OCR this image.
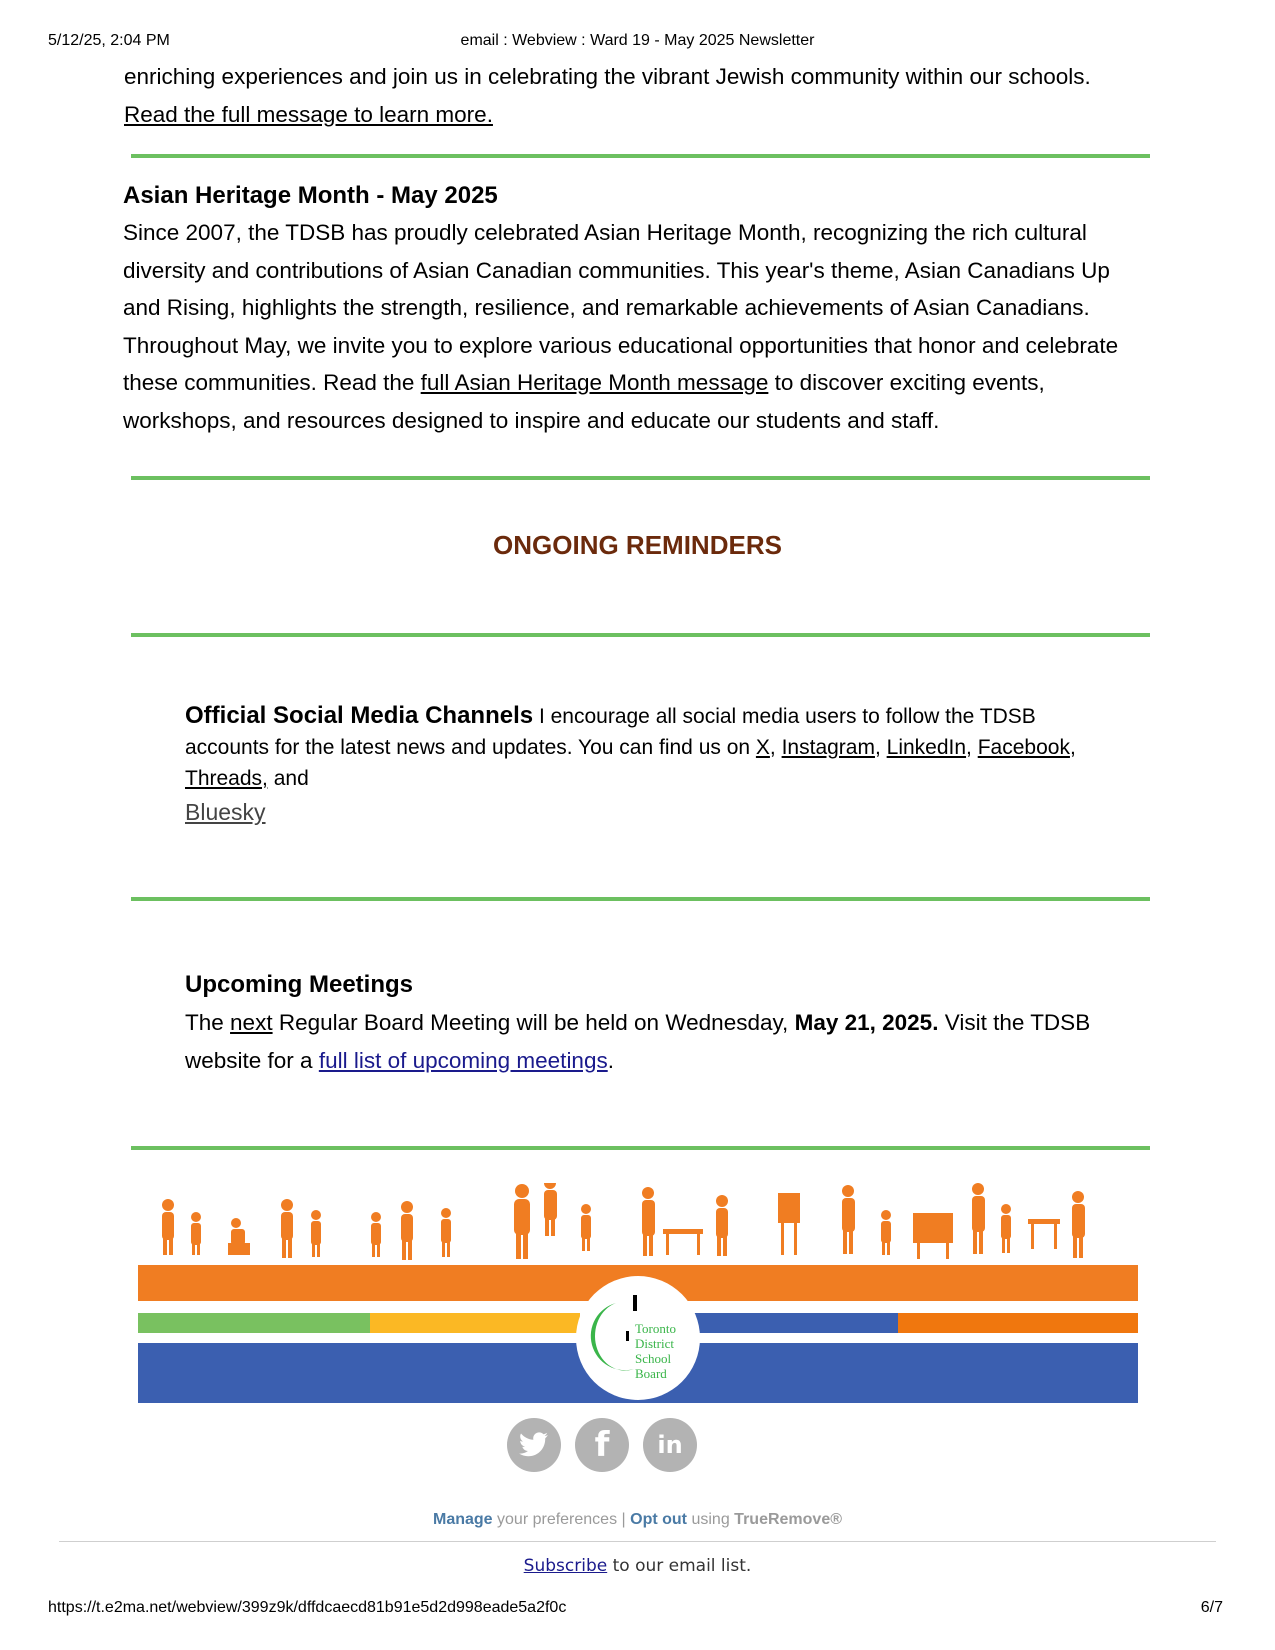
5/12/25, 2:04 PM	email : Webview : Ward 19 - May 2025 Newsletter
enriching experiences and join us in celebrating the vibrant Jewish community within our schools.
Read the full message to learn more.
Asian Heritage Month - May 2025
Since 2007, the TDSB has proudly celebrated Asian Heritage Month, recognizing the rich cultural diversity and contributions of Asian Canadian communities. This year's theme, Asian Canadians Up and Rising, highlights the strength, resilience, and remarkable achievements of Asian Canadians. Throughout May, we invite you to explore various educational opportunities that honor and celebrate these communities. Read the full Asian Heritage Month message to discover exciting events, workshops, and resources designed to inspire and educate our students and staff.
ONGOING REMINDERS
Official Social Media Channels I encourage all social media users to follow the TDSB accounts for the latest news and updates. You can find us on X, Instagram, LinkedIn, Facebook, Threads, and
Bluesky
Upcoming Meetings
The next Regular Board Meeting will be held on Wednesday, May 21, 2025. Visit the TDSB website for a full list of upcoming meetings.
Toronto
District
School
Board
f	in
Manage your preferences | Opt out using TrueRemove®
Subscribe to our email list.
https://t.e2ma.net/webview/399z9k/dffdcaecd81b91e5d2d998eade5a2f0c	6/7
